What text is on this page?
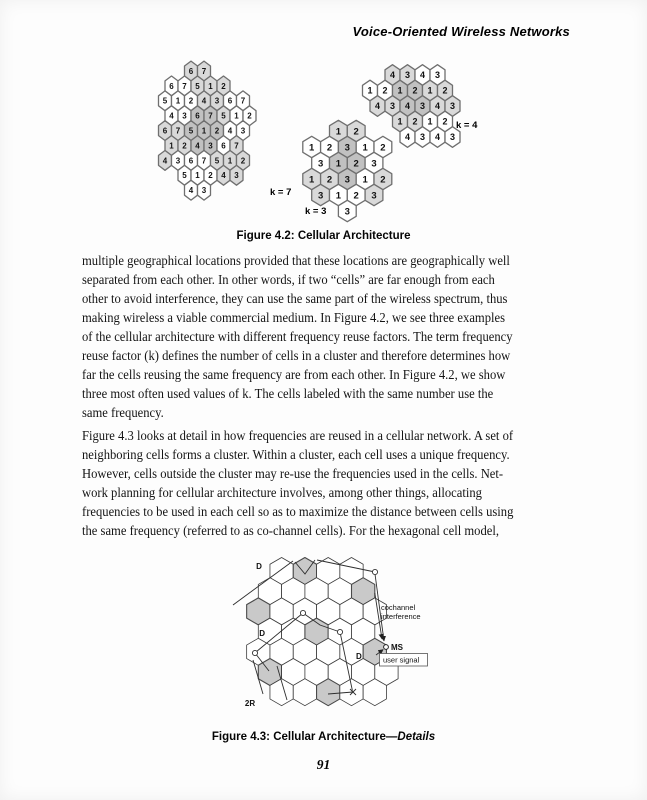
Voice-Oriented Wireless Networks
6 7
6 7 5 1 2
5 1 2 4 3 6 7
4 3 6 7 5 1 2
6 7 5 1 2 4 3
1 2 4 3 6 7
4 3 6 7 5 1 2
5 1 2 4 3
4 3	k = 7
1 2
1 2 3 1 2
3 1 2 3
1 2 3 1 2
3 1 2 3
3
k = 3
4 3 4 3
1 2 1 2 1 2
4 3 4 3 4 3
1 2 1 2
4 3 4 3
k = 4
Figure 4.2: Cellular Architecture
multiple geographical locations provided that these locations are geographically well
separated from each other. In other words, if two “cells” are far enough from each
other to avoid interference, they can use the same part of the wireless spectrum, thus
making wireless a viable commercial medium. In Figure 4.2, we see three examples
of the cellular architecture with different frequency reuse factors. The term frequency
reuse factor (k) defines the number of cells in a cluster and therefore determines how
far the cells reusing the same frequency are from each other. In Figure 4.2, we show
three most often used values of k. The cells labeled with the same number use the
same frequency.
Figure 4.3 looks at detail in how frequencies are reused in a cellular network. A set of
neighboring cells forms a cluster. Within a cluster, each cell uses a unique frequency.
However, cells outside the cluster may re-use the frequencies used in the cells. Net-
work planning for cellular architecture involves, among other things, allocating
frequencies to be used in each cell so as to maximize the distance between cells using
the same frequency (referred to as co-channel cells). For the hexagonal cell model,
D
D
D
MS
2R
cochannel
interference
user signal
Figure 4.3: Cellular Architecture—Details
91
